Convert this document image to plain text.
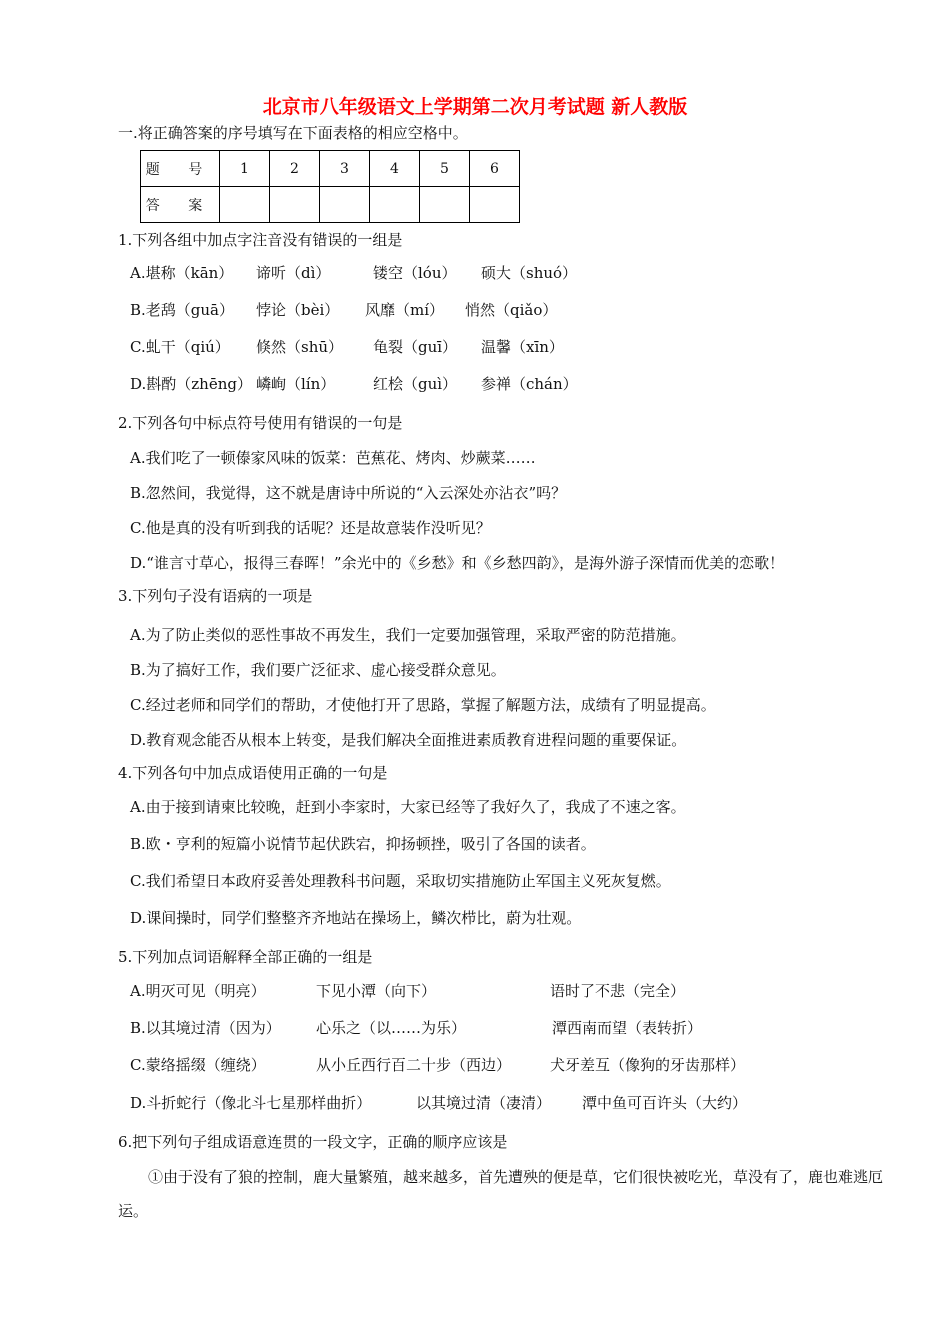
北京市八年级语文上学期第二次月考试题 新人教版
一.将正确答案的序号填写在下面表格的相应空格中。
题 号	1	2	3	4	5	6
答 案						
1.下列各组中加点字注音没有错误的一组是
A.堪称（kān） 谛听（dì）	镂空（lóu） 硕大（shuó）
B.老鸹（guā） 悖论（bèi） 风靡（mí） 悄然（qiǎo）
C.虬干（qiú） 倏然（shū） 龟裂（guī） 温馨（xīn）
D.斟酌（zhēng） 嶙峋（lín）	红桧（guì） 参禅（chán）
2.下列各句中标点符号使用有错误的一句是
A.我们吃了一顿傣家风味的饭菜：芭蕉花、烤肉、炒蕨菜……
B.忽然间，我觉得，这不就是唐诗中所说的“入云深处亦沾衣”吗？
C.他是真的没有听到我的话呢？还是故意装作没听见？
D.“谁言寸草心，报得三春晖！”余光中的《乡愁》和《乡愁四韵》，是海外游子深情而优美的恋歌！
3.下列句子没有语病的一项是
A.为了防止类似的恶性事故不再发生，我们一定要加强管理，采取严密的防范措施。
B.为了搞好工作，我们要广泛征求、虚心接受群众意见。
C.经过老师和同学们的帮助，才使他打开了思路，掌握了解题方法，成绩有了明显提高。
D.教育观念能否从根本上转变，是我们解决全面推进素质教育进程问题的重要保证。
4.下列各句中加点成语使用正确的一句是
A.由于接到请柬比较晚，赶到小李家时，大家已经等了我好久了，我成了不速之客。
B.欧・亨利的短篇小说情节起伏跌宕，抑扬顿挫，吸引了各国的读者。
C.我们希望日本政府妥善处理教科书问题，采取切实措施防止军国主义死灰复燃。
D.课间操时，同学们整整齐齐地站在操场上，鳞次栉比，蔚为壮观。
5.下列加点词语解释全部正确的一组是
A.明灭可见（明亮）	下见小潭（向下）	语时了不悲（完全）
B.以其境过清（因为） 心乐之（以……为乐）	潭西南而望（表转折）
C.蒙络摇缀（缠绕）	从小丘西行百二十步（西边）	犬牙差互（像狗的牙齿那样）
D.斗折蛇行（像北斗七星那样曲折）	以其境过清（凄清） 潭中鱼可百许头（大约）
6.把下列句子组成语意连贯的一段文字，正确的顺序应该是
①由于没有了狼的控制，鹿大量繁殖，越来越多，首先遭殃的便是草，它们很快被吃光，草没有了，鹿也难逃厄运。
